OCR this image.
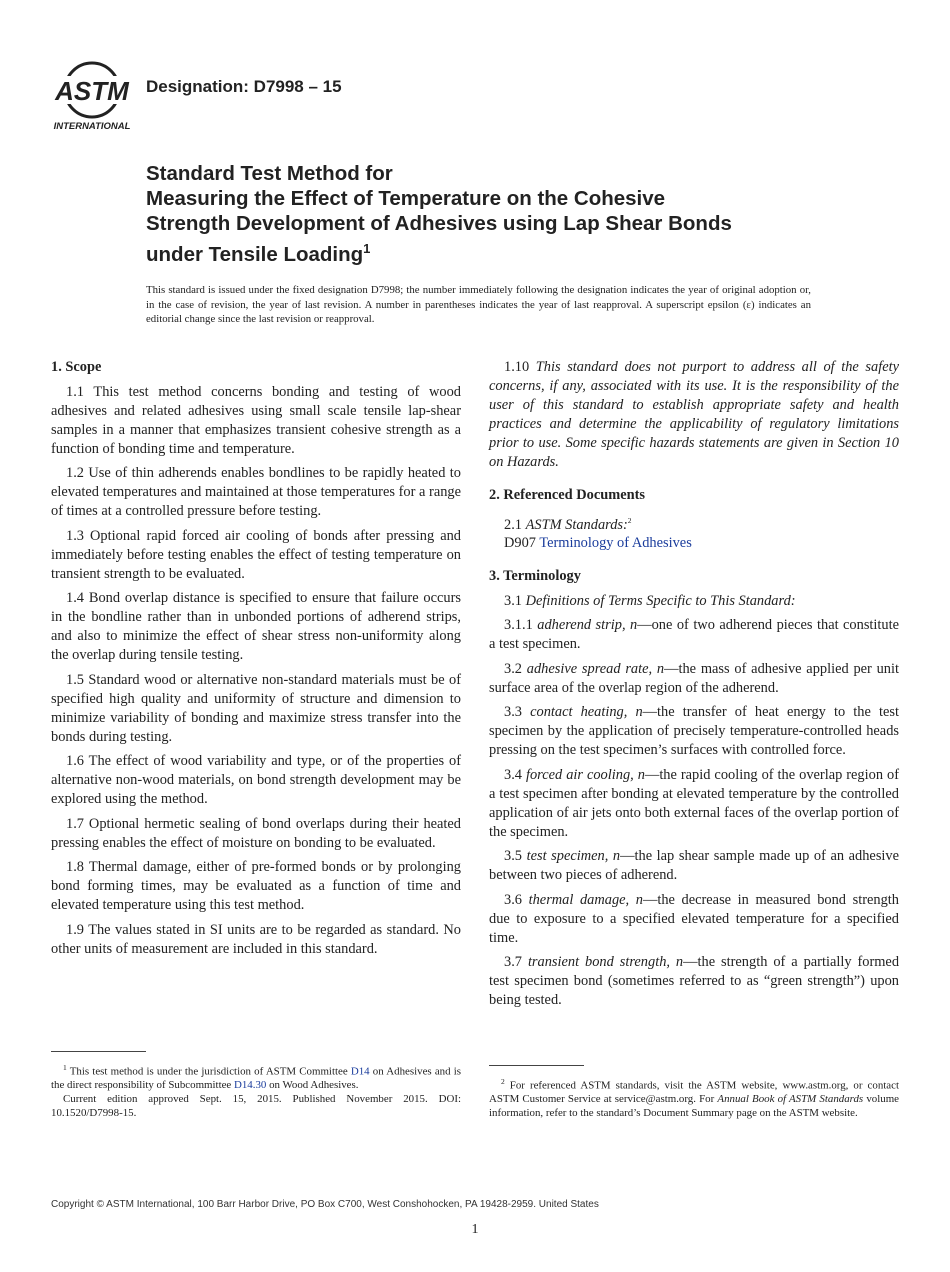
ASTM
INTERNATIONAL
Designation: D7998 – 15
Standard Test Method for
Measuring the Effect of Temperature on the Cohesive
Strength Development of Adhesives using Lap Shear Bonds
under Tensile Loading$^1$
This standard is issued under the fixed designation D7998; the number immediately following the designation indicates the year of original adoption or, in the case of revision, the year of last revision. A number in parentheses indicates the year of last reapproval. A superscript epsilon (ε) indicates an editorial change since the last revision or reapproval.
1. Scope

1.1 This test method concerns bonding and testing of wood adhesives and related adhesives using small scale tensile lap-shear samples in a manner that emphasizes transient cohesive strength as a function of bonding time and temperature.

1.2 Use of thin adherends enables bondlines to be rapidly heated to elevated temperatures and maintained at those temperatures for a range of times at a controlled pressure before testing.

1.3 Optional rapid forced air cooling of bonds after pressing and immediately before testing enables the effect of testing temperature on transient strength to be evaluated.

1.4 Bond overlap distance is specified to ensure that failure occurs in the bondline rather than in unbonded portions of adherend strips, and also to minimize the effect of shear stress non-uniformity along the overlap during tensile testing.

1.5 Standard wood or alternative non-standard materials must be of specified high quality and uniformity of structure and dimension to minimize variability of bonding and maximize stress transfer into the bonds during testing.

1.6 The effect of wood variability and type, or of the properties of alternative non-wood materials, on bond strength development may be explored using the method.

1.7 Optional hermetic sealing of bond overlaps during their heated pressing enables the effect of moisture on bonding to be evaluated.

1.8 Thermal damage, either of pre-formed bonds or by prolonging bond forming times, may be evaluated as a function of time and elevated temperature using this test method.

1.9 The values stated in SI units are to be regarded as standard. No other units of measurement are included in this standard.

1.10 This standard does not purport to address all of the safety concerns, if any, associated with its use. It is the responsibility of the user of this standard to establish appropriate safety and health practices and determine the applicability of regulatory limitations prior to use. Some specific hazards statements are given in Section 10 on Hazards.

2. Referenced Documents

2.1 ASTM Standards:$^2$

D907 Terminology of Adhesives

3. Terminology

3.1 Definitions of Terms Specific to This Standard:

3.1.1 adherend strip, n—one of two adherend pieces that constitute a test specimen.

3.2 adhesive spread rate, n—the mass of adhesive applied per unit surface area of the overlap region of the adherend.

3.3 contact heating, n—the transfer of heat energy to the test specimen by the application of precisely temperature-controlled heads pressing on the test specimen’s surfaces with controlled force.

3.4 forced air cooling, n—the rapid cooling of the overlap region of a test specimen after bonding at elevated temperature by the controlled application of air jets onto both external faces of the overlap portion of the specimen.

3.5 test specimen, n—the lap shear sample made up of an adhesive between two pieces of adherend.

3.6 thermal damage, n—the decrease in measured bond strength due to exposure to a specified elevated temperature for a specified time.

3.7 transient bond strength, n—the strength of a partially formed test specimen bond (sometimes referred to as “green strength”) upon being tested.

$^1$ This test method is under the jurisdiction of ASTM Committee D14 on Adhesives and is the direct responsibility of Subcommittee D14.30 on Wood Adhesives.

Current edition approved Sept. 15, 2015. Published November 2015. DOI: 10.1520/D7998-15.

$^2$ For referenced ASTM standards, visit the ASTM website, www.astm.org, or contact ASTM Customer Service at service@astm.org. For Annual Book of ASTM Standards volume information, refer to the standard’s Document Summary page on the ASTM website.

Copyright © ASTM International, 100 Barr Harbor Drive, PO Box C700, West Conshohocken, PA 19428-2959. United States
1
